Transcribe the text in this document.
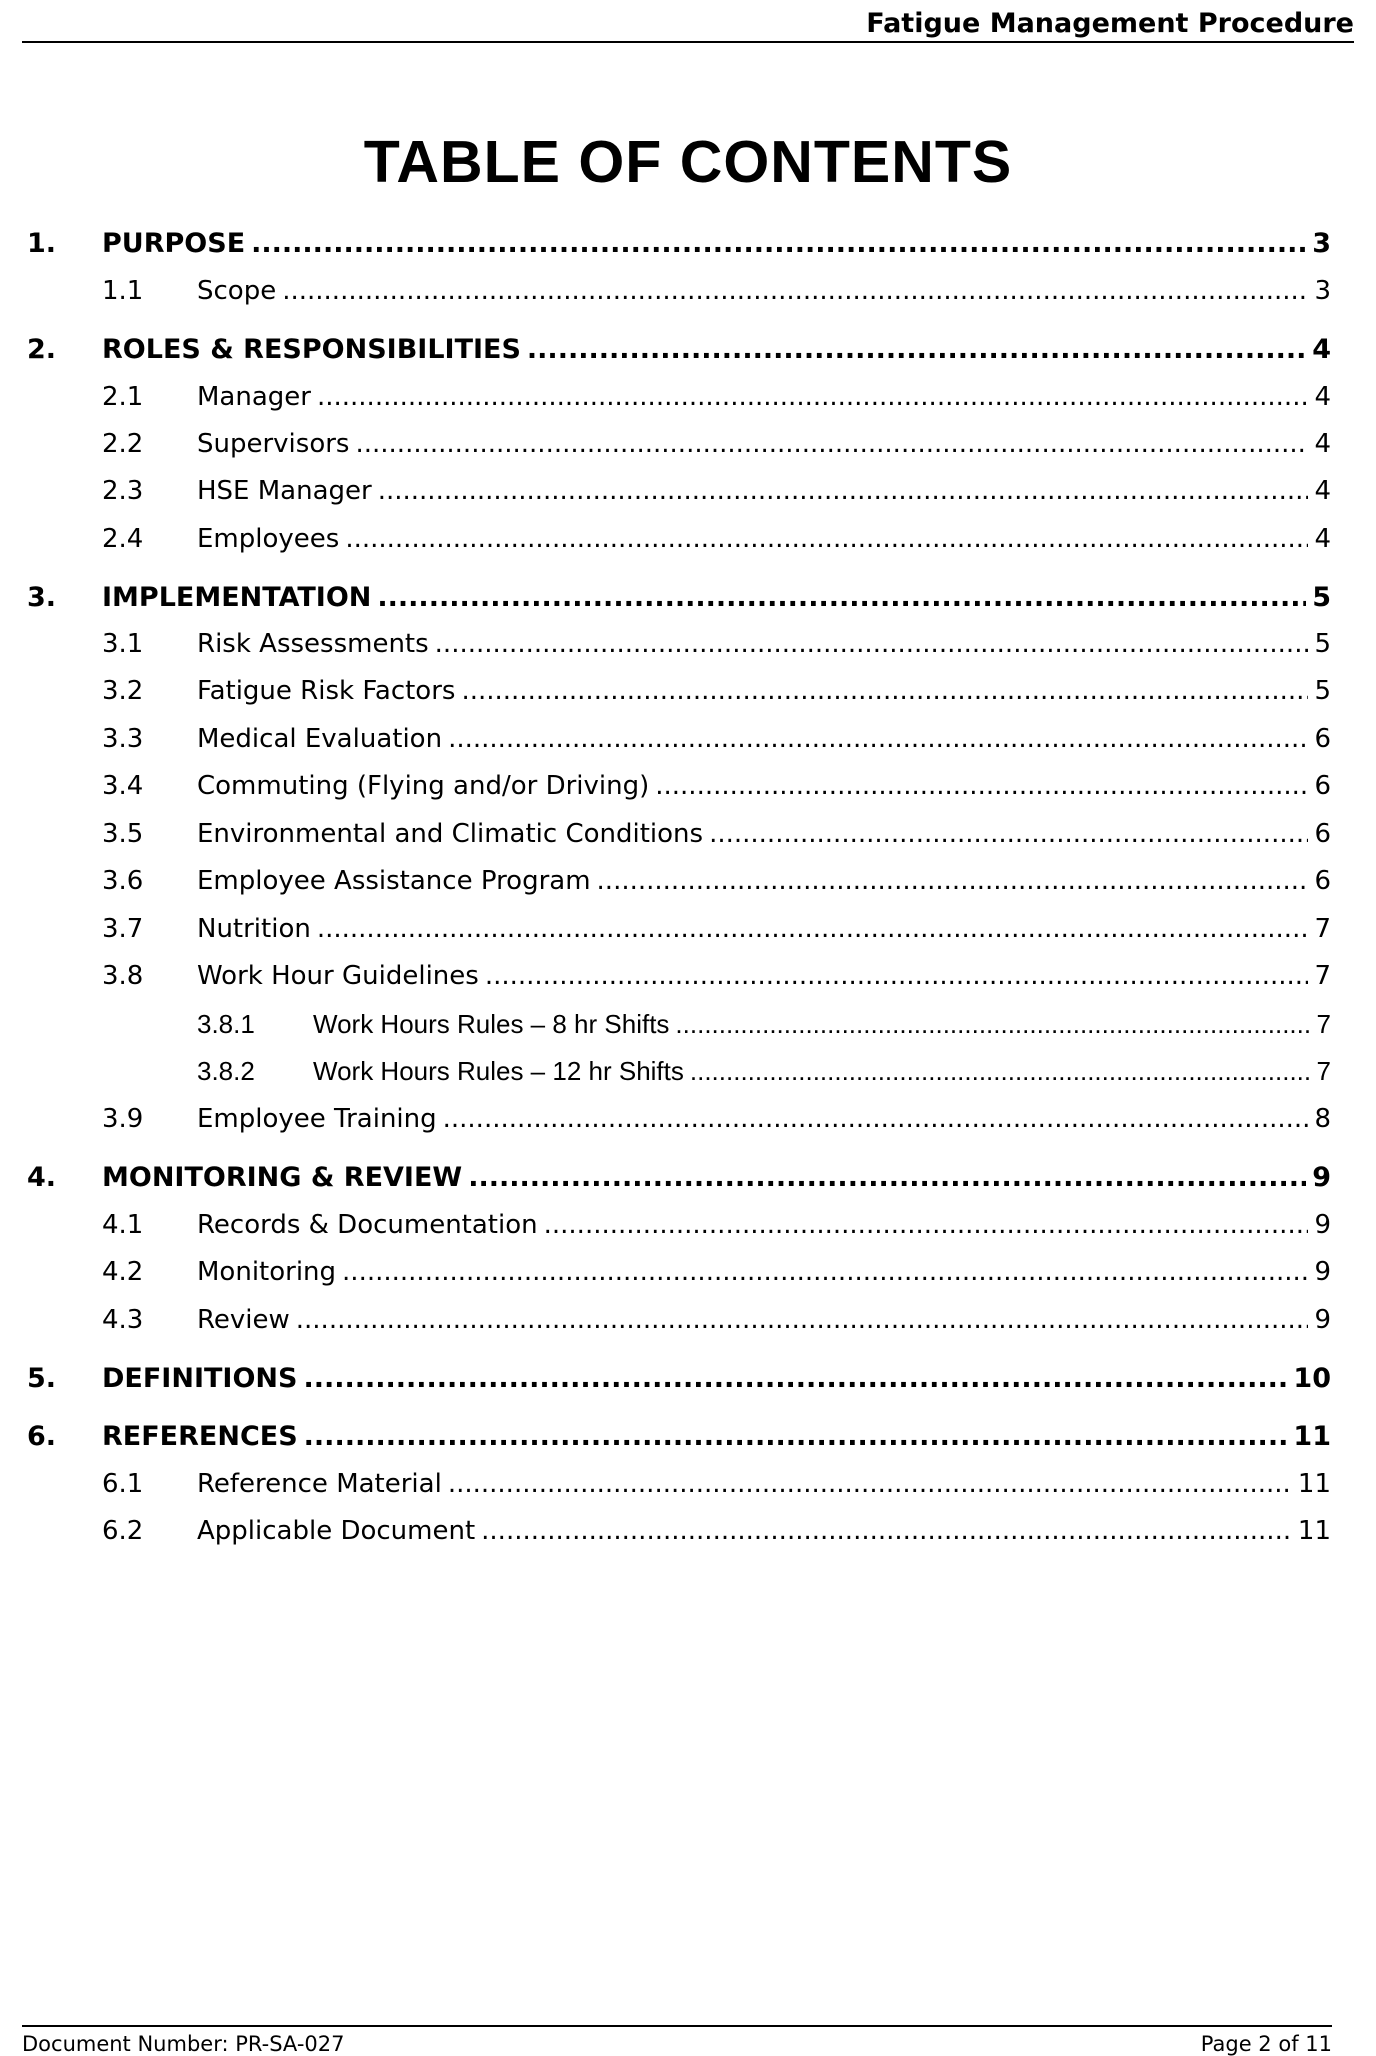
Fatigue Management Procedure
TABLE OF CONTENTS
1.	PURPOSE .....	3
1.1	Scope .....	3
2.	ROLES & RESPONSIBILITIES .....	4
2.1	Manager .....	4
2.2	Supervisors .....	4
2.3	HSE Manager .....	4
2.4	Employees .....	4
3.	IMPLEMENTATION .....	5
3.1	Risk Assessments .....	5
3.2	Fatigue Risk Factors .....	5
3.3	Medical Evaluation .....	6
3.4	Commuting (Flying and/or Driving) .....	6
3.5	Environmental and Climatic Conditions .....	6
3.6	Employee Assistance Program .....	6
3.7	Nutrition .....	7
3.8	Work Hour Guidelines .....	7
3.8.1	Work Hours Rules – 8 hr Shifts .....	7
3.8.2	Work Hours Rules – 12 hr Shifts .....	7
3.9	Employee Training .....	8
4.	MONITORING & REVIEW .....	9
4.1	Records & Documentation .....	9
4.2	Monitoring .....	9
4.3	Review .....	9
5.	DEFINITIONS .....	10
6.	REFERENCES .....	11
6.1	Reference Material .....	11
6.2	Applicable Document .....	11
Document Number: PR-SA-027	Page 2 of 11
